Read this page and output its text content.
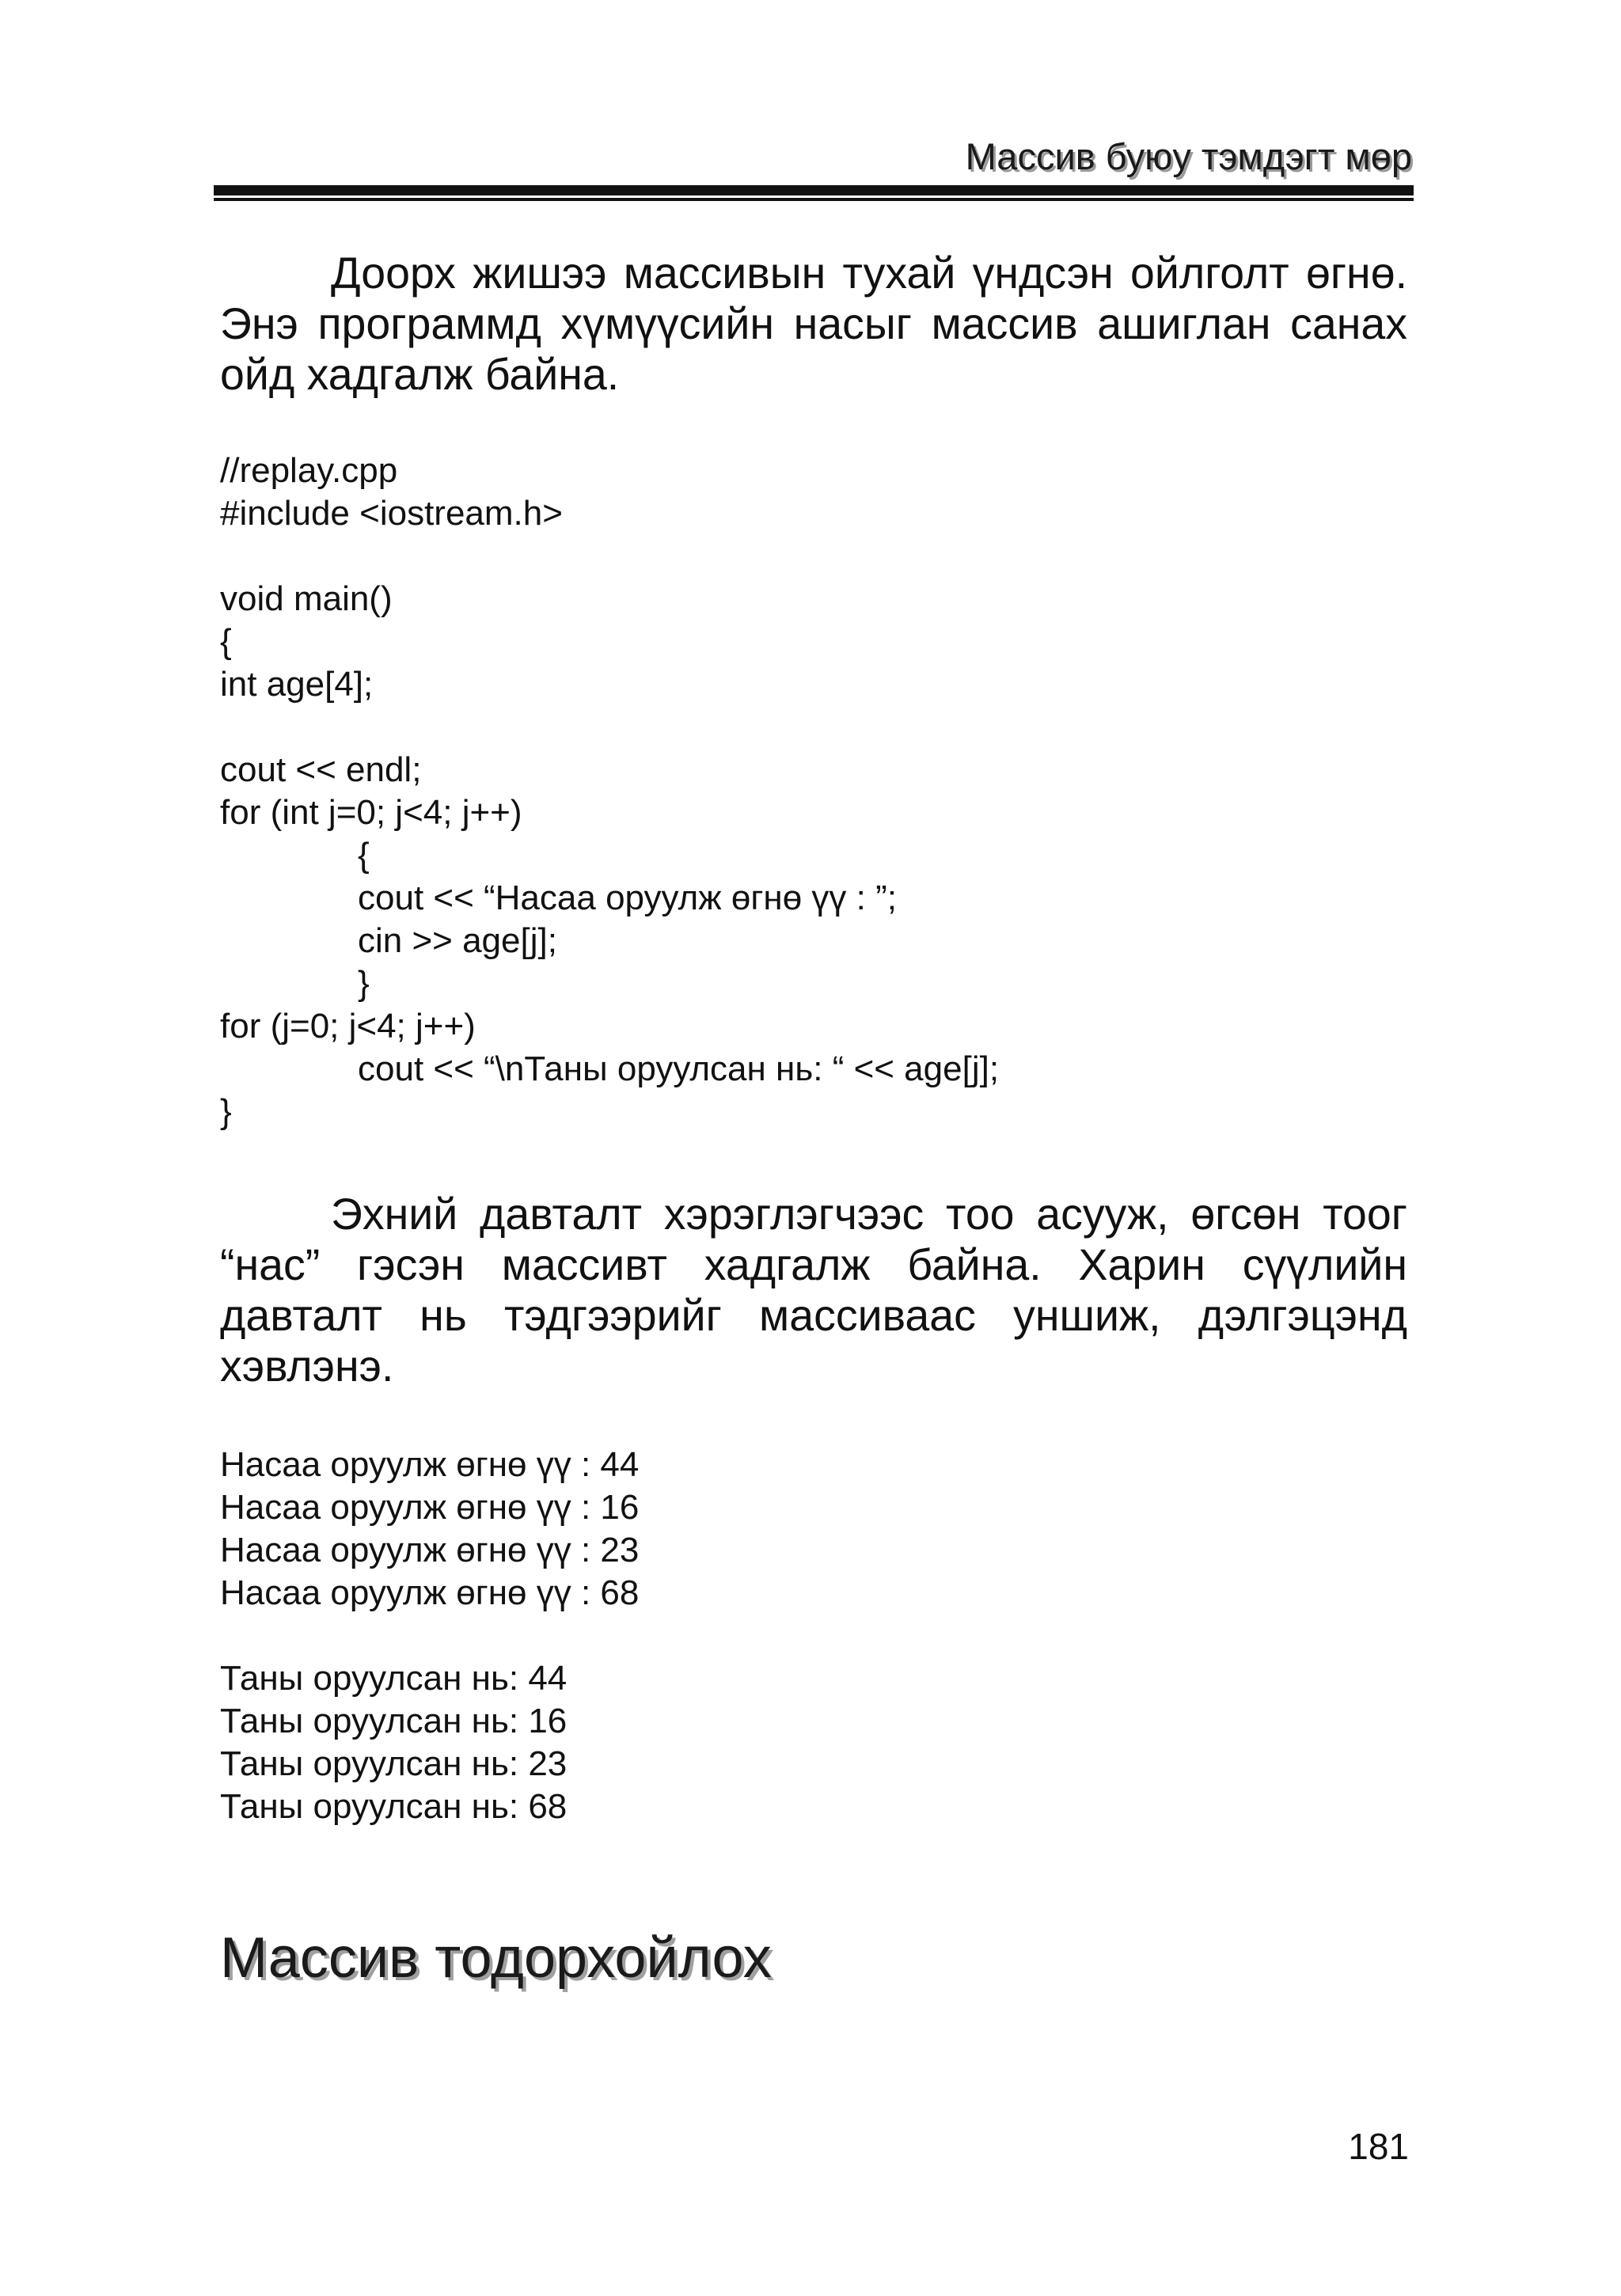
Массив буюу тэмдэгт мөр

Доорх жишээ массивын тухай үндсэн ойлголт өгнө. Энэ программд хүмүүсийн насыг массив ашиглан санах ойд хадгалж байна.

//replay.cpp
#include <iostream.h>
void main()
{
int age[4];
cout << endl;
for (int j=0; j<4; j++)
{
cout << “Насаа оруулж өгнө үү : ”;
cin >> age[j];
}
for (j=0; j<4; j++)
cout << “\nТаны оруулсан нь: “ << age[j];
}

Эхний давталт хэрэглэгчээс тоо асууж, өгсөн тоог “нас” гэсэн массивт хадгалж байна. Харин сүүлийн давталт нь тэдгээрийг массиваас уншиж, дэлгэцэнд хэвлэнэ.

Насаа оруулж өгнө үү : 44
Насаа оруулж өгнө үү : 16
Насаа оруулж өгнө үү : 23
Насаа оруулж өгнө үү : 68
Таны оруулсан нь: 44
Таны оруулсан нь: 16
Таны оруулсан нь: 23
Таны оруулсан нь: 68
Массив тодорхойлох
181
